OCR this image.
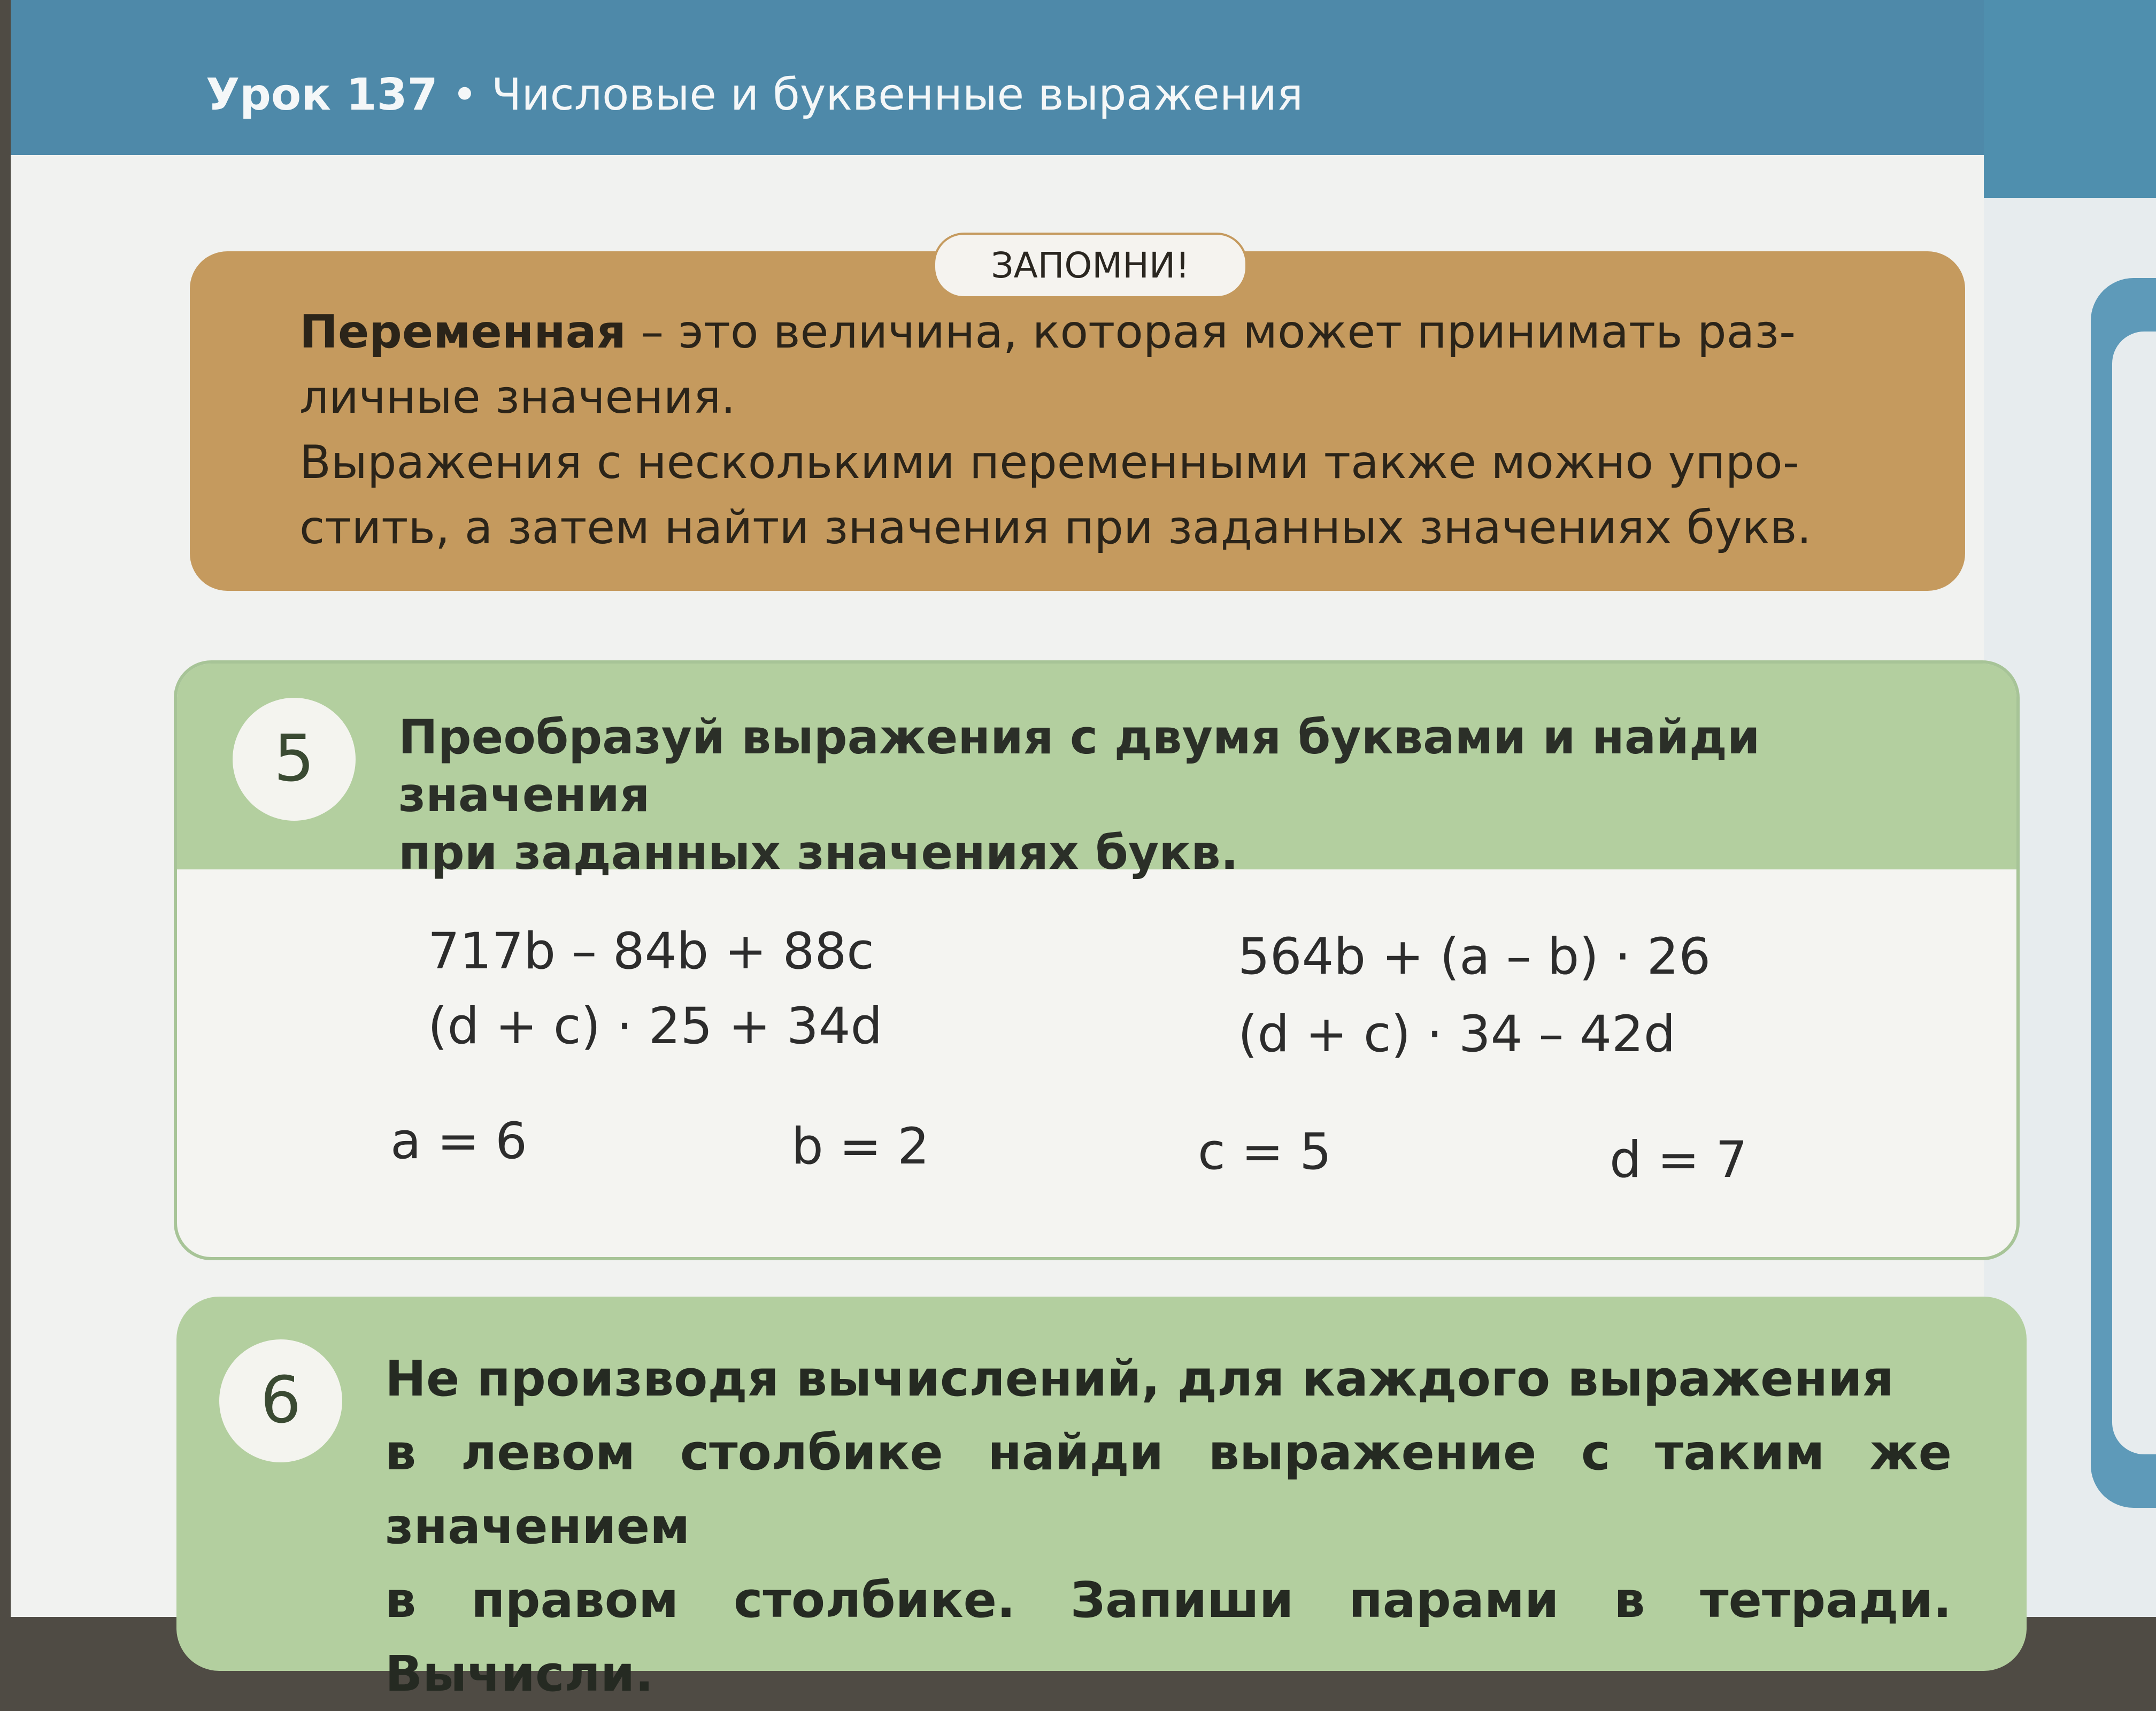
Урок 137 • Числовые и буквенные выражения
ЗАПОМНИ!
Переменная – это величина, которая может принимать раз-
личные значения.
Выражения с несколькими переменными также можно упро-
стить, а затем найти значения при заданных значениях букв.
5	Преобразуй выражения с двумя буквами и найди значения
при заданных значениях букв.
717b – 84b + 88c
(d + c) · 25 + 34d
564b + (a – b) · 26
(d + c) · 34 – 42d
a = 6	b = 2	c = 5	d = 7
6	Не производя вычислений, для каждого выражения
в левом столбике найди выражение с таким же значением
в правом столбике. Запиши парами в тетради. Вычисли.
